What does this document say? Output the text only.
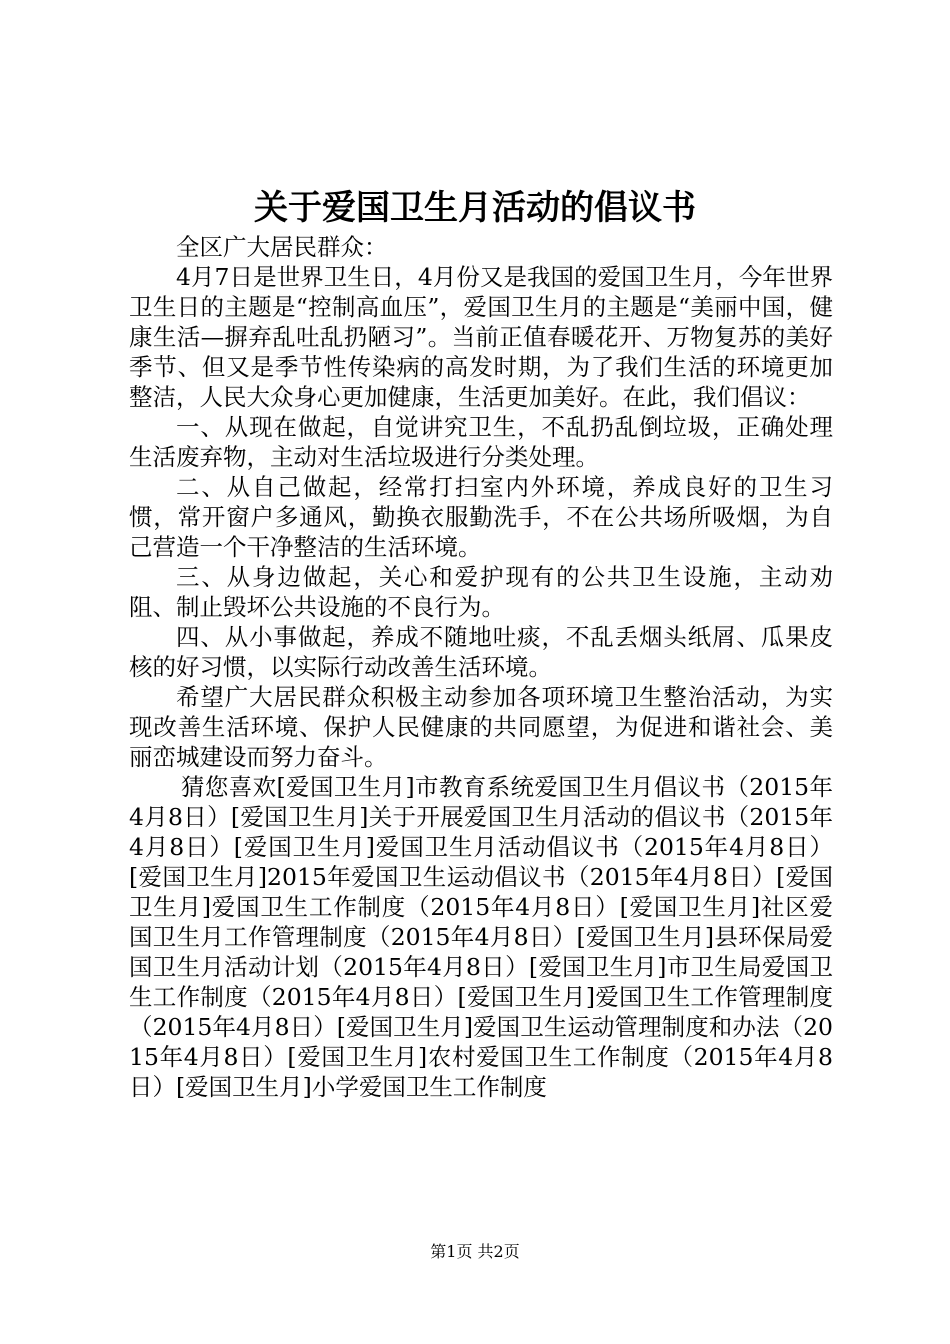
关于爱国卫生月活动的倡议书

全区广大居民群众：

4月7日是世界卫生日，4月份又是我国的爱国卫生月，今年世界卫生日的主题是“控制高血压”，爱国卫生月的主题是“美丽中国，健康生活—摒弃乱吐乱扔陋习”。当前正值春暖花开、万物复苏的美好季节、但又是季节性传染病的高发时期，为了我们生活的环境更加整洁，人民大众身心更加健康，生活更加美好。在此，我们倡议：

一、从现在做起，自觉讲究卫生，不乱扔乱倒垃圾，正确处理生活废弃物，主动对生活垃圾进行分类处理。

二、从自己做起，经常打扫室内外环境，养成良好的卫生习惯，常开窗户多通风，勤换衣服勤洗手，不在公共场所吸烟，为自己营造一个干净整洁的生活环境。

三、从身边做起，关心和爱护现有的公共卫生设施，主动劝阻、制止毁坏公共设施的不良行为。

四、从小事做起，养成不随地吐痰，不乱丢烟头纸屑、瓜果皮核的好习惯，以实际行动改善生活环境。

希望广大居民群众积极主动参加各项环境卫生整治活动，为实现改善生活环境、保护人民健康的共同愿望，为促进和谐社会、美丽峦城建设而努力奋斗。

猜您喜欢[爱国卫生月]市教育系统爱国卫生月倡议书（2015年4月8日）[爱国卫生月]关于开展爱国卫生月活动的倡议书（2015年4月8日）[爱国卫生月]爱国卫生月活动倡议书（2015年4月8日）[爱国卫生月]2015年爱国卫生运动倡议书（2015年4月8日）[爱国卫生月]爱国卫生工作制度（2015年4月8日）[爱国卫生月]社区爱国卫生月工作管理制度（2015年4月8日）[爱国卫生月]县环保局爱国卫生月活动计划（2015年4月8日）[爱国卫生月]市卫生局爱国卫生工作制度（2015年4月8日）[爱国卫生月]爱国卫生工作管理制度（2015年4月8日）[爱国卫生月]爱国卫生运动管理制度和办法（2015年4月8日）[爱国卫生月]农村爱国卫生工作制度（2015年4月8日）[爱国卫生月]小学爱国卫生工作制度

第1页 共2页
